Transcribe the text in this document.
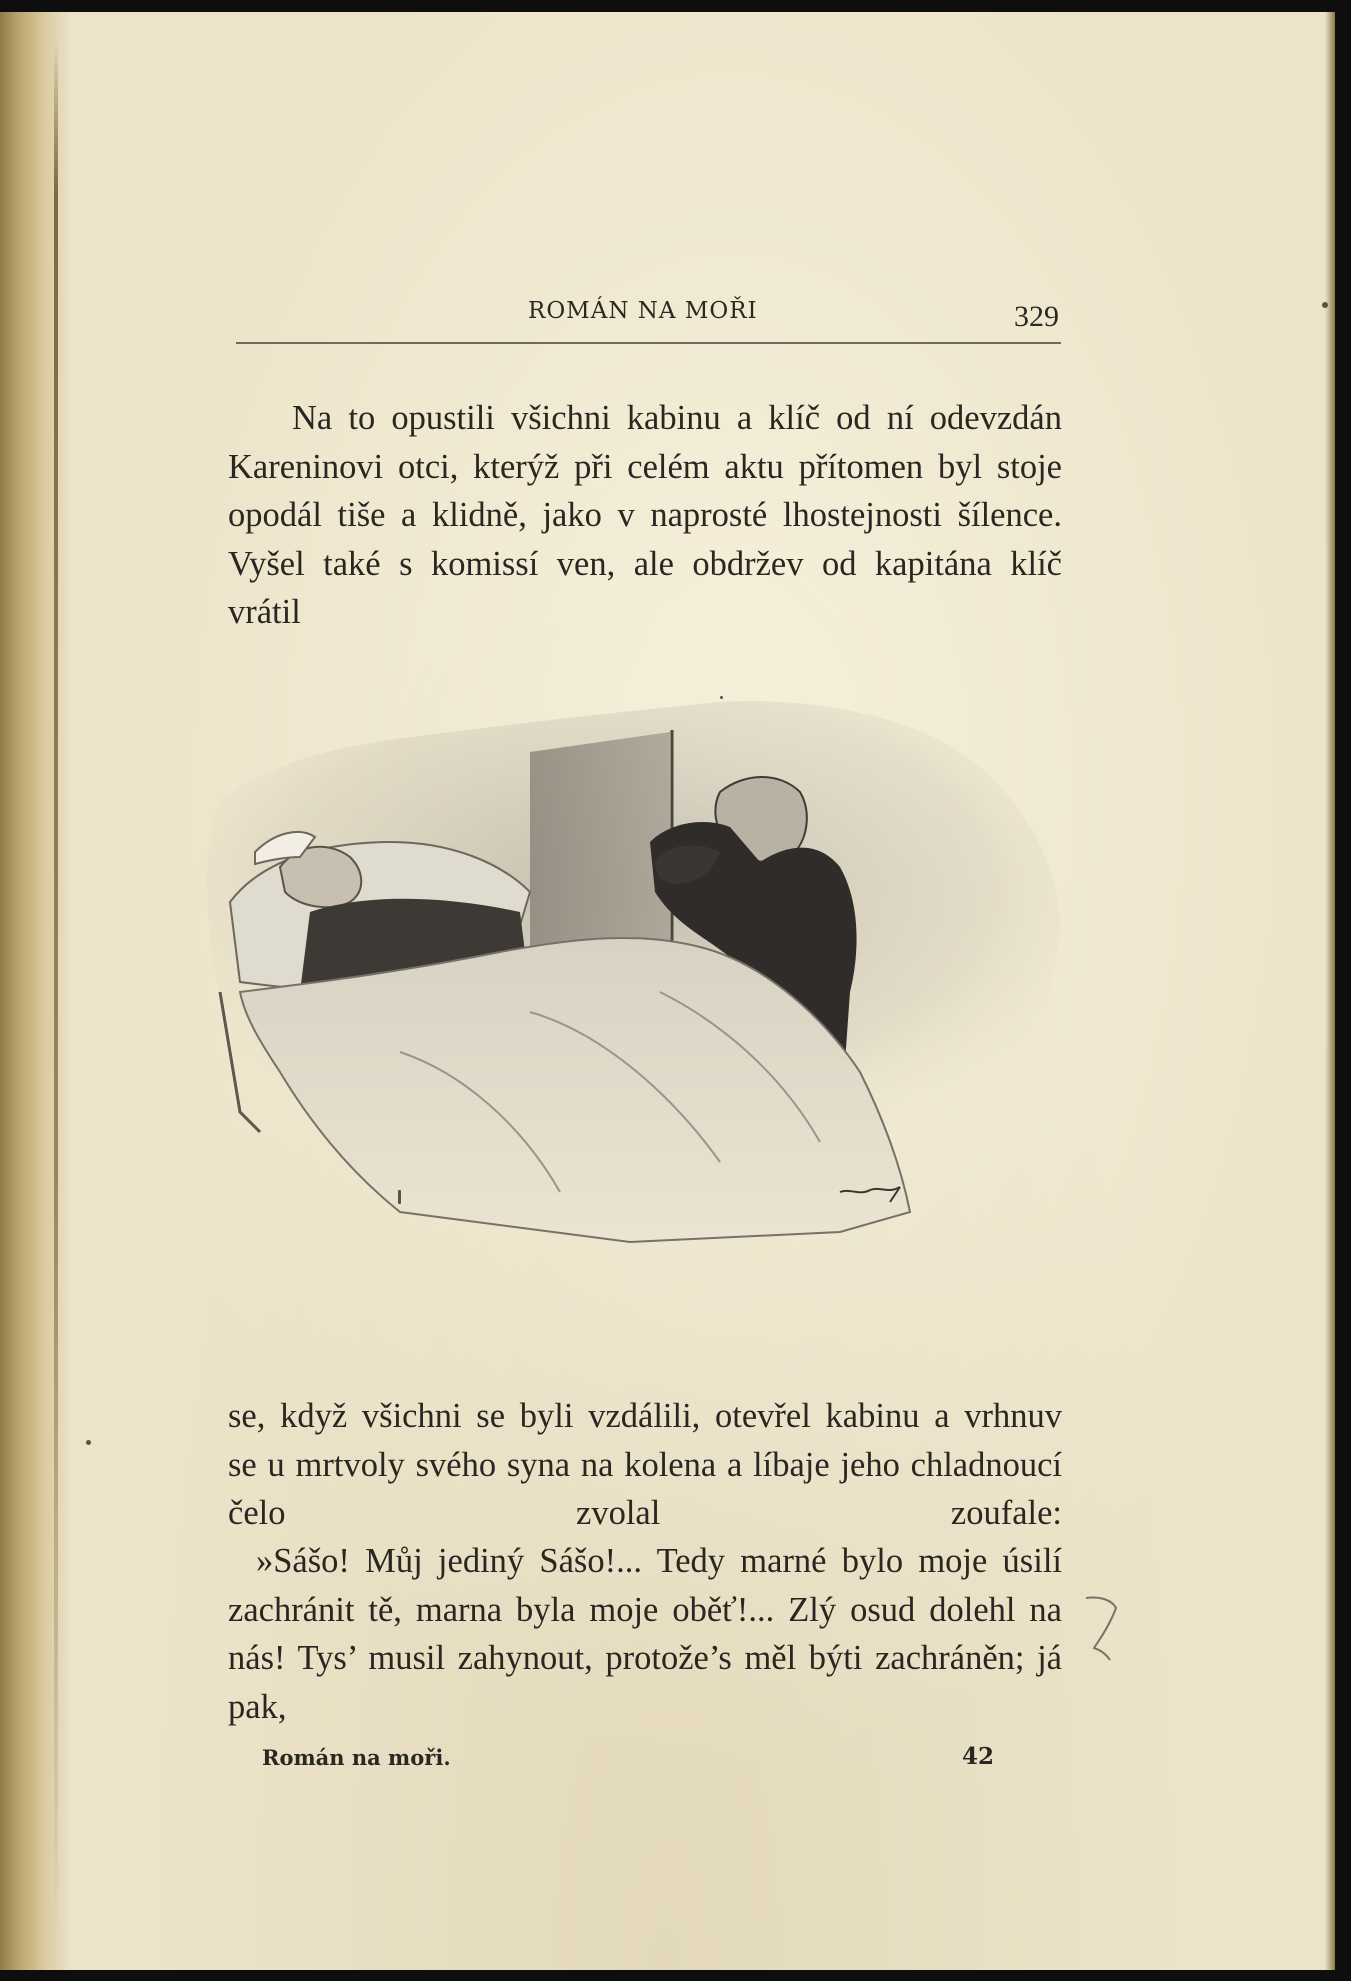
ROMÁN NA MOŘI	329

Na to opustili všichni kabinu a klíč od ní odevzdán Kareninovi otci, kterýž při celém aktu přítomen byl stoje opodál tiše a klidně, jako v naprosté lhostejnosti šílence. Vyšel také s komissí ven, ale obdržev od kapitána klíč vrátil

se, když všichni se byli vzdálili, otevřel kabinu a vrhnuv se u mrtvoly svého syna na kolena a líbaje jeho chladnoucí čelo zvolal zoufale:

»Sášo! Můj jediný Sášo!... Tedy marné bylo moje úsilí zachránit tě, marna byla moje oběť!... Zlý osud dolehl na nás! Tys’ musil zahynout, protože’s měl býti zachráněn; já pak,

Román na moři.	42
